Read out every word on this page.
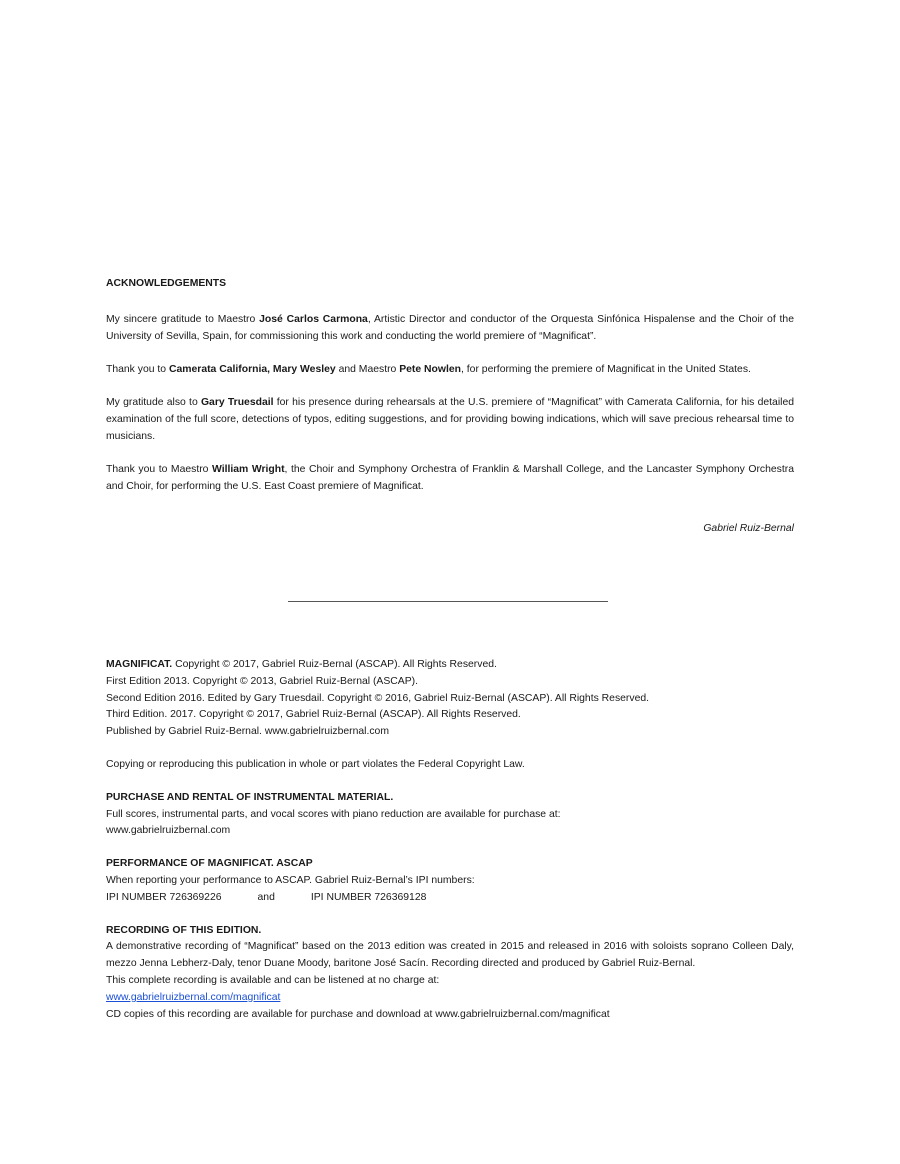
ACKNOWLEDGEMENTS

My sincere gratitude to Maestro José Carlos Carmona, Artistic Director and conductor of the Orquesta Sinfónica Hispalense and the Choir of the University of Sevilla, Spain, for commissioning this work and conducting the world premiere of “Magnificat”.

Thank you to Camerata California, Mary Wesley and Maestro Pete Nowlen, for performing the premiere of Magnificat in the United States.

My gratitude also to Gary Truesdail for his presence during rehearsals at the U.S. premiere of “Magnificat” with Camerata California, for his detailed examination of the full score, detections of typos, editing suggestions, and for providing bowing indications, which will save precious rehearsal time to musicians.

Thank you to Maestro William Wright, the Choir and Symphony Orchestra of Franklin & Marshall College, and the Lancaster Symphony Orchestra and Choir, for performing the U.S. East Coast premiere of Magnificat.

Gabriel Ruiz-Bernal
MAGNIFICAT. Copyright © 2017, Gabriel Ruiz-Bernal (ASCAP). All Rights Reserved.
First Edition 2013. Copyright © 2013, Gabriel Ruiz-Bernal (ASCAP).
Second Edition 2016. Edited by Gary Truesdail. Copyright © 2016, Gabriel Ruiz-Bernal (ASCAP). All Rights Reserved.
Third Edition. 2017. Copyright © 2017, Gabriel Ruiz-Bernal (ASCAP). All Rights Reserved.
Published by Gabriel Ruiz-Bernal. www.gabrielruizbernal.com
Copying or reproducing this publication in whole or part violates the Federal Copyright Law.
PURCHASE AND RENTAL OF INSTRUMENTAL MATERIAL.
Full scores, instrumental parts, and vocal scores with piano reduction are available for purchase at:
www.gabrielruizbernal.com
PERFORMANCE OF MAGNIFICAT. ASCAP
When reporting your performance to ASCAP. Gabriel Ruiz-Bernal’s IPI numbers:
IPI NUMBER 726369226	and	IPI NUMBER 726369128
RECORDING OF THIS EDITION.
A demonstrative recording of “Magnificat” based on the 2013 edition was created in 2015 and released in 2016 with soloists soprano Colleen Daly, mezzo Jenna Lebherz-Daly, tenor Duane Moody, baritone José Sacín. Recording directed and produced by Gabriel Ruiz-Bernal.
This complete recording is available and can be listened at no charge at:
www.gabrielruizbernal.com/magnificat
CD copies of this recording are available for purchase and download at www.gabrielruizbernal.com/magnificat
